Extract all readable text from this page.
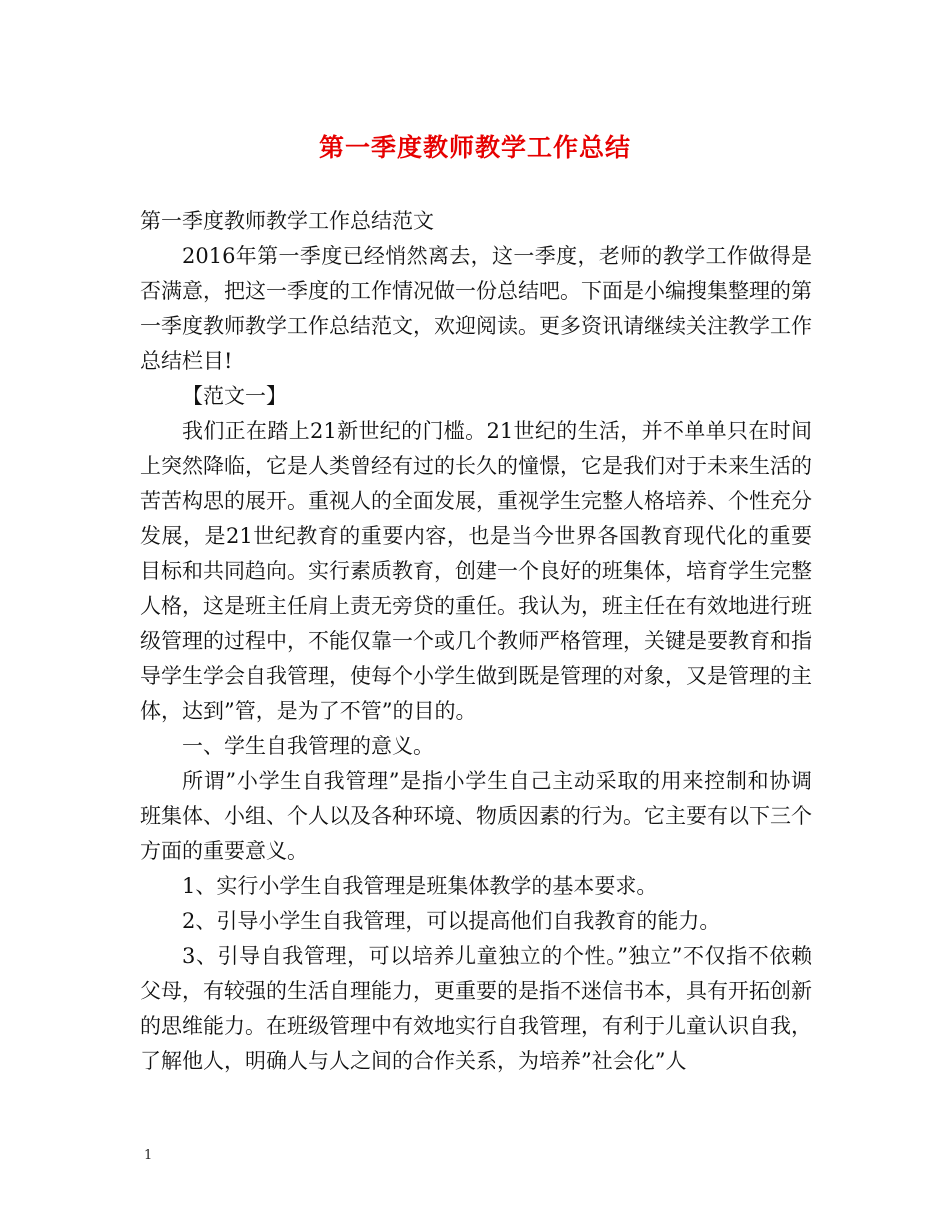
第一季度教师教学工作总结

第一季度教师教学工作总结范文

2016年第一季度已经悄然离去，这一季度，老师的教学工作做得是否满意，把这一季度的工作情况做一份总结吧。下面是小编搜集整理的第一季度教师教学工作总结范文，欢迎阅读。更多资讯请继续关注教学工作总结栏目!

【范文一】

我们正在踏上21新世纪的门槛。21世纪的生活，并不单单只在时间上突然降临，它是人类曾经有过的长久的憧憬，它是我们对于未来生活的苦苦构思的展开。重视人的全面发展，重视学生完整人格培养、个性充分发展，是21世纪教育的重要内容，也是当今世界各国教育现代化的重要目标和共同趋向。实行素质教育，创建一个良好的班集体，培育学生完整人格，这是班主任肩上责无旁贷的重任。我认为，班主任在有效地进行班级管理的过程中，不能仅靠一个或几个教师严格管理，关键是要教育和指导学生学会自我管理，使每个小学生做到既是管理的对象，又是管理的主体，达到”管，是为了不管”的目的。

一、学生自我管理的意义。

所谓”小学生自我管理”是指小学生自己主动采取的用来控制和协调班集体、小组、个人以及各种环境、物质因素的行为。它主要有以下三个方面的重要意义。

1、实行小学生自我管理是班集体教学的基本要求。

2、引导小学生自我管理，可以提高他们自我教育的能力。

3、引导自我管理，可以培养儿童独立的个性。”独立”不仅指不依赖父母，有较强的生活自理能力，更重要的是指不迷信书本，具有开拓创新的思维能力。在班级管理中有效地实行自我管理，有利于儿童认识自我，了解他人，明确人与人之间的合作关系，为培养”社会化”人

1
